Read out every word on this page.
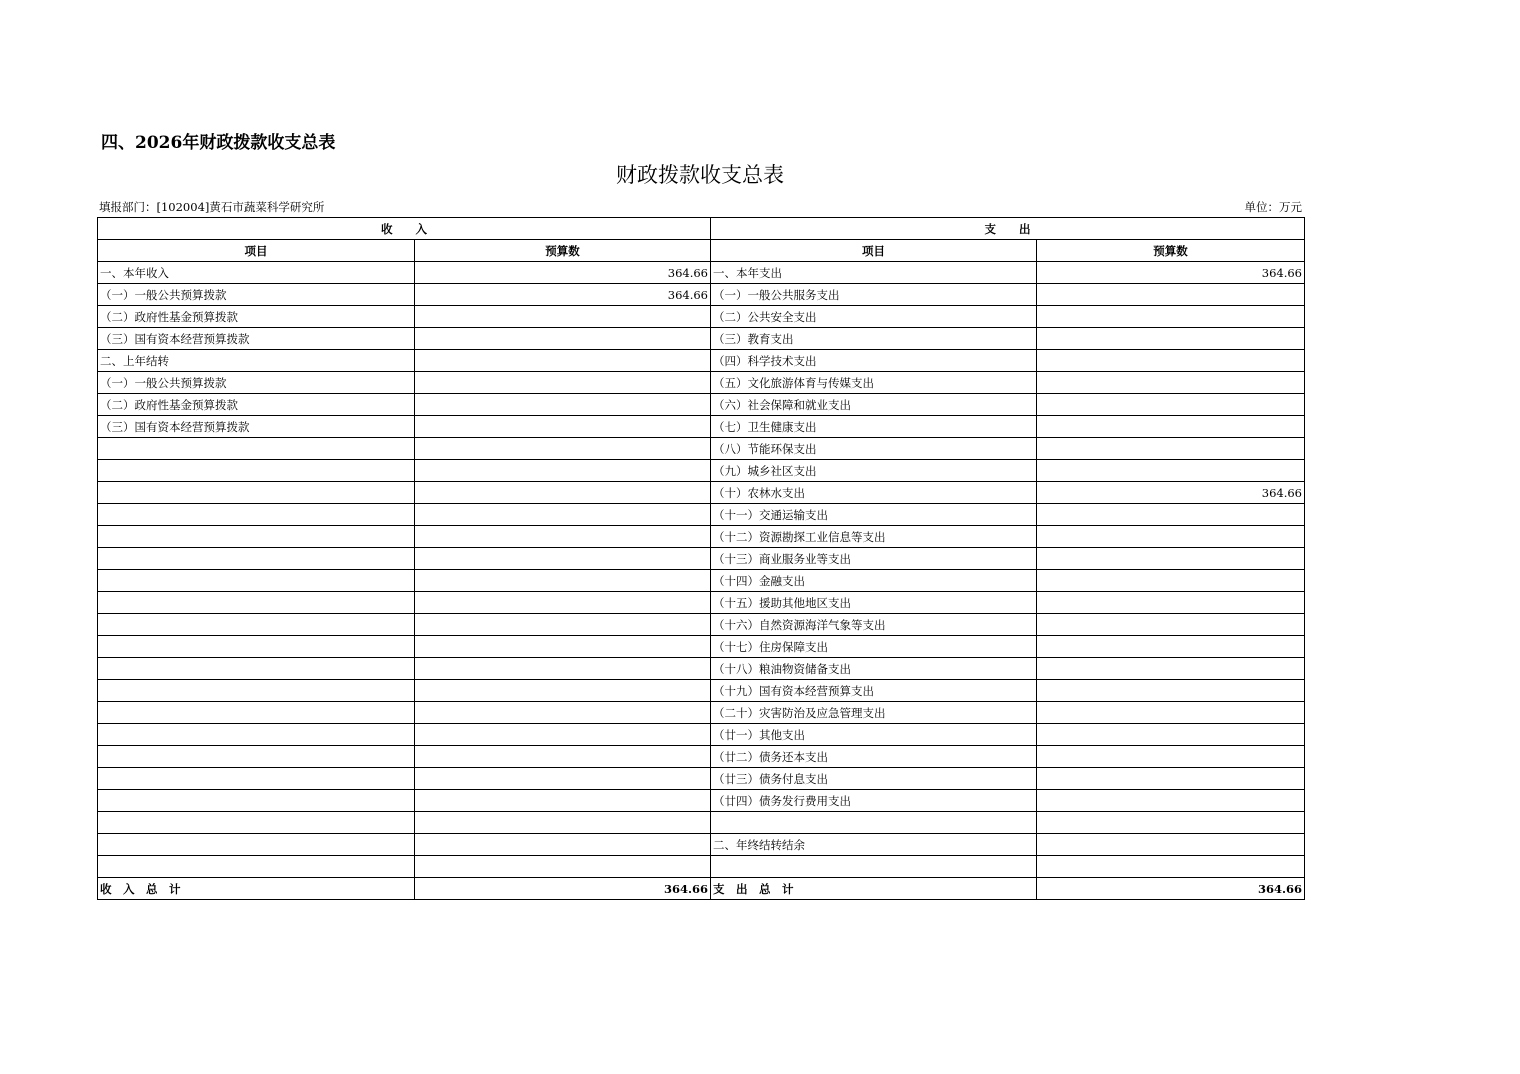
四、2026年财政拨款收支总表
财政拨款收支总表
填报部门：[102004]黄石市蔬菜科学研究所	单位：万元
收　　入		支　　出	
项目	预算数	项目	预算数
一、本年收入	364.66	一、本年支出	364.66
（一）一般公共预算拨款	364.66	（一）一般公共服务支出	
（二）政府性基金预算拨款		（二）公共安全支出	
（三）国有资本经营预算拨款		（三）教育支出	
二、上年结转		（四）科学技术支出	
（一）一般公共预算拨款		（五）文化旅游体育与传媒支出	
（二）政府性基金预算拨款		（六）社会保障和就业支出	
（三）国有资本经营预算拨款		（七）卫生健康支出	
		（八）节能环保支出	
		（九）城乡社区支出	
		（十）农林水支出	364.66
		（十一）交通运输支出	
		（十二）资源勘探工业信息等支出	
		（十三）商业服务业等支出	
		（十四）金融支出	
		（十五）援助其他地区支出	
		（十六）自然资源海洋气象等支出	
		（十七）住房保障支出	
		（十八）粮油物资储备支出	
		（十九）国有资本经营预算支出	
		（二十）灾害防治及应急管理支出	
		（廿一）其他支出	
		（廿二）债务还本支出	
		（廿三）债务付息支出	
		（廿四）债务发行费用支出	

		二、年终结转结余	

收　入　总　计	364.66	支　出　总　计	364.66
